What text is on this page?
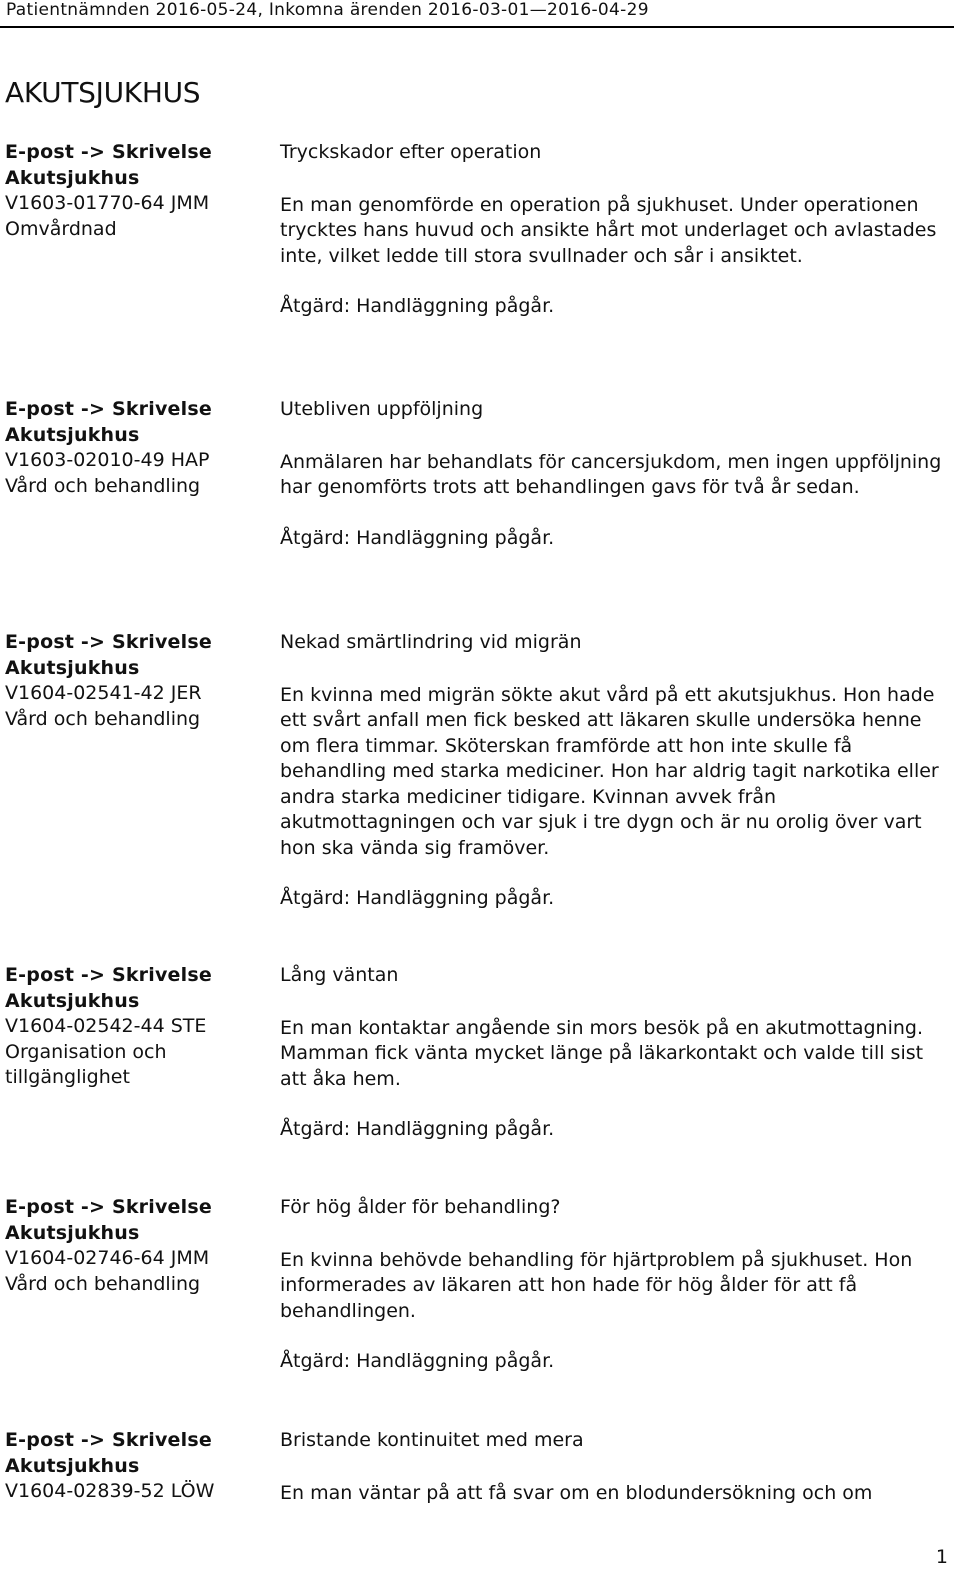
Patientnämnden 2016-05-24, Inkomna ärenden 2016-03-01—2016-04-29
AKUTSJUKHUS
E-post -> Skrivelse
Akutsjukhus
V1603-01770-64 JMM
Omvårdnad
Tryckskador efter operation
En man genomförde en operation på sjukhuset. Under operationen trycktes hans huvud och ansikte hårt mot underlaget och avlastades inte, vilket ledde till stora svullnader och sår i ansiktet.
Åtgärd: Handläggning pågår.
E-post -> Skrivelse
Akutsjukhus
V1603-02010-49 HAP
Vård och behandling
Utebliven uppföljning
Anmälaren har behandlats för cancersjukdom, men ingen uppföljning har genomförts trots att behandlingen gavs för två år sedan.
Åtgärd: Handläggning pågår.
E-post -> Skrivelse
Akutsjukhus
V1604-02541-42 JER
Vård och behandling
Nekad smärtlindring vid migrän
En kvinna med migrän sökte akut vård på ett akutsjukhus. Hon hade ett svårt anfall men fick besked att läkaren skulle undersöka henne om flera timmar. Sköterskan framförde att hon inte skulle få behandling med starka mediciner. Hon har aldrig tagit narkotika eller andra starka mediciner tidigare. Kvinnan avvek från akutmottagningen och var sjuk i tre dygn och är nu orolig över vart hon ska vända sig framöver.
Åtgärd: Handläggning pågår.
E-post -> Skrivelse
Akutsjukhus
V1604-02542-44 STE
Organisation och tillgänglighet
Lång väntan
En man kontaktar angående sin mors besök på en akutmottagning. Mamman fick vänta mycket länge på läkarkontakt och valde till sist att åka hem.
Åtgärd: Handläggning pågår.
E-post -> Skrivelse
Akutsjukhus
V1604-02746-64 JMM
Vård och behandling
För hög ålder för behandling?
En kvinna behövde behandling för hjärtproblem på sjukhuset. Hon informerades av läkaren att hon hade för hög ålder för att få behandlingen.
Åtgärd: Handläggning pågår.
E-post -> Skrivelse
Akutsjukhus
V1604-02839-52 LÖW
Bristande kontinuitet med mera
En man väntar på att få svar om en blodundersökning och om
1
